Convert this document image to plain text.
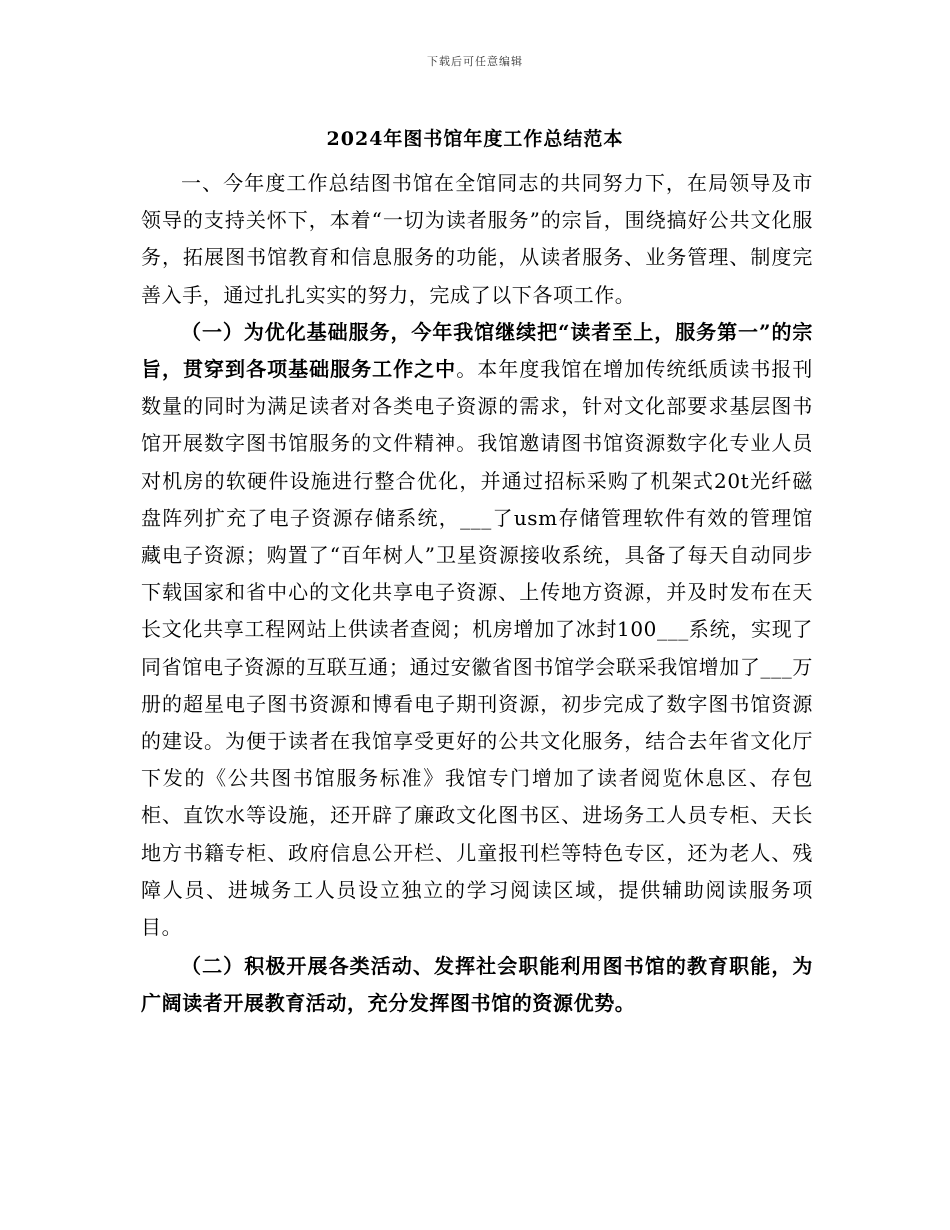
下载后可任意编辑
2024年图书馆年度工作总结范本

一、今年度工作总结图书馆在全馆同志的共同努力下，在局领导及市领导的支持关怀下，本着“一切为读者服务”的宗旨，围绕搞好公共文化服务，拓展图书馆教育和信息服务的功能，从读者服务、业务管理、制度完善入手，通过扎扎实实的努力，完成了以下各项工作。

（一）为优化基础服务，今年我馆继续把“读者至上，服务第一”的宗旨，贯穿到各项基础服务工作之中。本年度我馆在增加传统纸质读书报刊数量的同时为满足读者对各类电子资源的需求，针对文化部要求基层图书馆开展数字图书馆服务的文件精神。我馆邀请图书馆资源数字化专业人员对机房的软硬件设施进行整合优化，并通过招标采购了机架式20t光纤磁盘阵列扩充了电子资源存储系统，___了usm存储管理软件有效的管理馆藏电子资源；购置了“百年树人”卫星资源接收系统，具备了每天自动同步下载国家和省中心的文化共享电子资源、上传地方资源，并及时发布在天长文化共享工程网站上供读者查阅；机房增加了冰封100___系统，实现了同省馆电子资源的互联互通；通过安徽省图书馆学会联采我馆增加了___万册的超星电子图书资源和博看电子期刊资源，初步完成了数字图书馆资源的建设。为便于读者在我馆享受更好的公共文化服务，结合去年省文化厅下发的《公共图书馆服务标准》我馆专门增加了读者阅览休息区、存包柜、直饮水等设施，还开辟了廉政文化图书区、进场务工人员专柜、天长地方书籍专柜、政府信息公开栏、儿童报刊栏等特色专区，还为老人、残障人员、进城务工人员设立独立的学习阅读区域，提供辅助阅读服务项目。

（二）积极开展各类活动、发挥社会职能利用图书馆的教育职能，为广阔读者开展教育活动，充分发挥图书馆的资源优势。
